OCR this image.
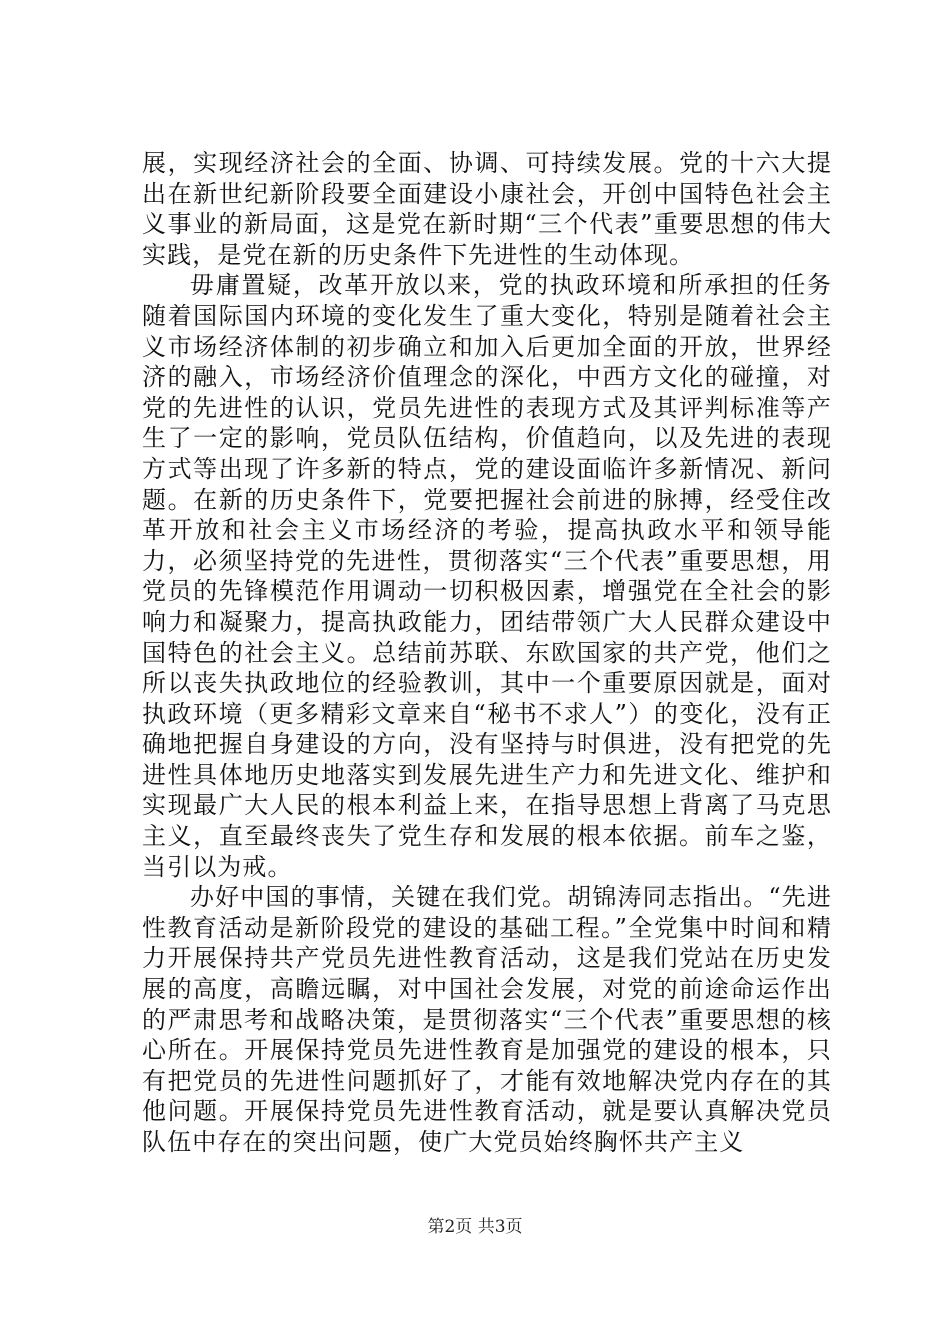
展，实现经济社会的全面、协调、可持续发展。党的十六大提出在新世纪新阶段要全面建设小康社会，开创中国特色社会主义事业的新局面，这是党在新时期“三个代表”重要思想的伟大实践，是党在新的历史条件下先进性的生动体现。

毋庸置疑，改革开放以来，党的执政环境和所承担的任务随着国际国内环境的变化发生了重大变化，特别是随着社会主义市场经济体制的初步确立和加入后更加全面的开放，世界经济的融入，市场经济价值理念的深化，中西方文化的碰撞，对党的先进性的认识，党员先进性的表现方式及其评判标准等产生了一定的影响，党员队伍结构，价值趋向，以及先进的表现方式等出现了许多新的特点，党的建设面临许多新情况、新问题。在新的历史条件下，党要把握社会前进的脉搏，经受住改革开放和社会主义市场经济的考验，提高执政水平和领导能力，必须坚持党的先进性，贯彻落实“三个代表”重要思想，用党员的先锋模范作用调动一切积极因素，增强党在全社会的影响力和凝聚力，提高执政能力，团结带领广大人民群众建设中国特色的社会主义。总结前苏联、东欧国家的共产党，他们之所以丧失执政地位的经验教训，其中一个重要原因就是，面对执政环境（更多精彩文章来自“秘书不求人”）的变化，没有正确地把握自身建设的方向，没有坚持与时俱进，没有把党的先进性具体地历史地落实到发展先进生产力和先进文化、维护和实现最广大人民的根本利益上来，在指导思想上背离了马克思主义，直至最终丧失了党生存和发展的根本依据。前车之鉴，当引以为戒。

办好中国的事情，关键在我们党。胡锦涛同志指出。“先进性教育活动是新阶段党的建设的基础工程。”全党集中时间和精力开展保持共产党员先进性教育活动，这是我们党站在历史发展的高度，高瞻远瞩，对中国社会发展，对党的前途命运作出的严肃思考和战略决策，是贯彻落实“三个代表”重要思想的核心所在。开展保持党员先进性教育是加强党的建设的根本，只有把党员的先进性问题抓好了，才能有效地解决党内存在的其他问题。开展保持党员先进性教育活动，就是要认真解决党员队伍中存在的突出问题，使广大党员始终胸怀共产主义

第2页 共3页
